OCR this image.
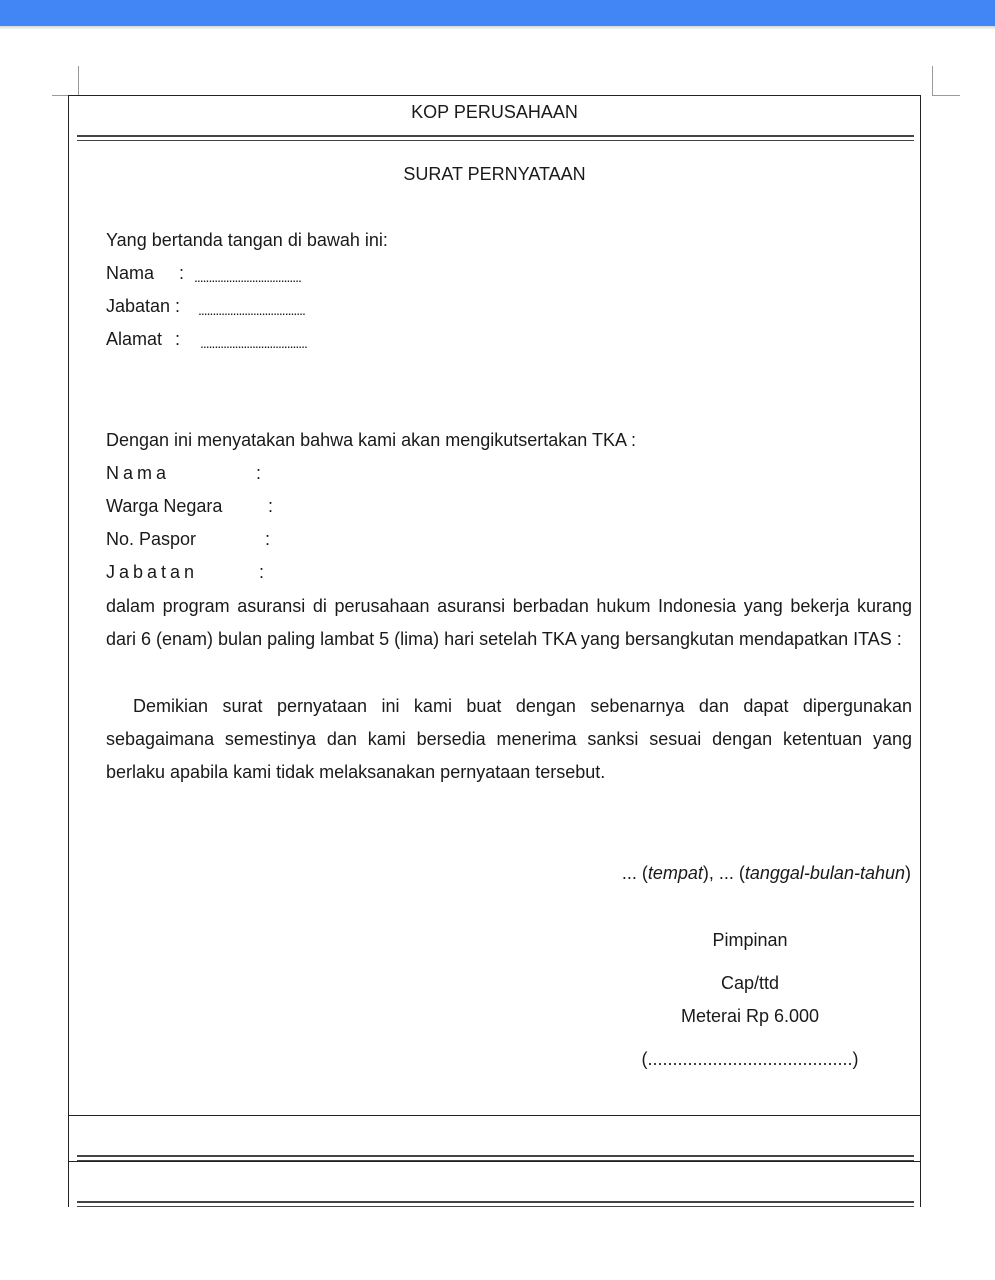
KOP PERUSAHAAN
SURAT PERNYATAAN
Yang bertanda tangan di bawah ini:
Nama : .....................................
Jabatan : .....................................
Alamat : .....................................
Dengan ini menyatakan bahwa kami akan mengikutsertakan TKA :
Nama	:
Warga Negara	:
No. Paspor	:
Jabatan	:
dalam program asuransi di perusahaan asuransi berbadan hukum Indonesia yang bekerja kurang dari 6 (enam) bulan paling lambat 5 (lima) hari setelah TKA yang bersangkutan mendapatkan ITAS :
Demikian surat pernyataan ini kami buat dengan sebenarnya dan dapat dipergunakan sebagaimana semestinya dan kami bersedia menerima sanksi sesuai dengan ketentuan yang berlaku apabila kami tidak melaksanakan pernyataan tersebut.
... (tempat), ... (tanggal-bulan-tahun)
Pimpinan
Cap/ttd
Meterai Rp 6.000
(.........................................)
